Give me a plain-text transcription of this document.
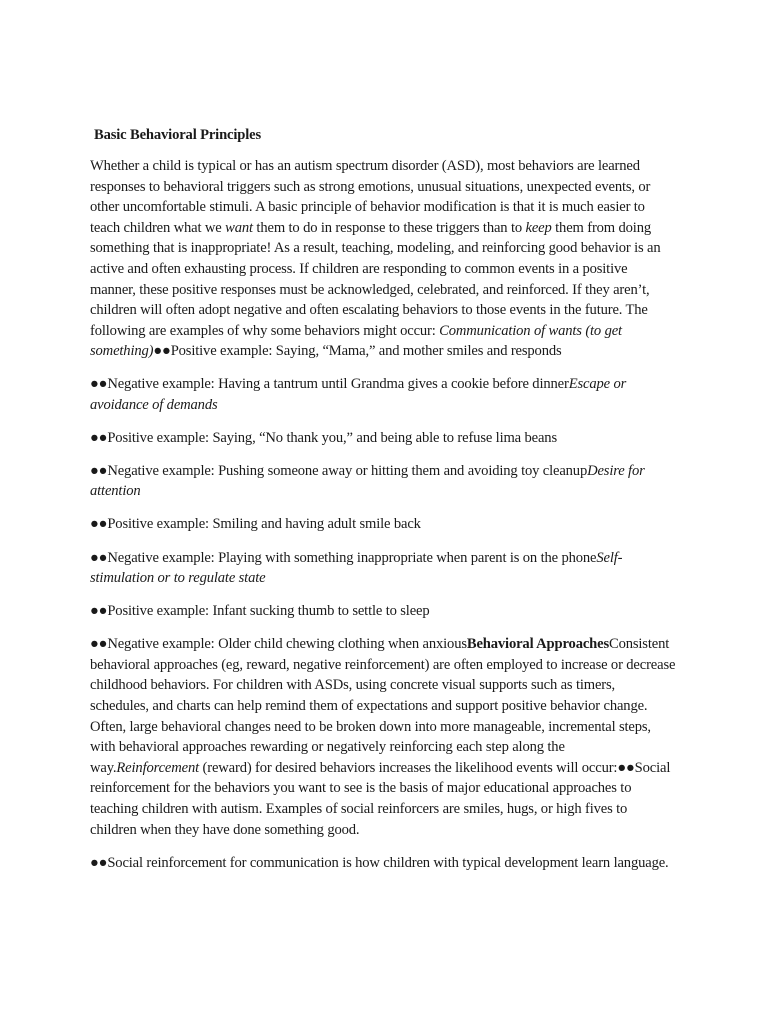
Basic Behavioral Principles

Whether a child is typical or has an autism spectrum disorder (ASD), most behaviors are learned responses to behavioral triggers such as strong emotions, unusual situations, unexpected events, or other uncomfortable stimuli. A basic principle of behavior modification is that it is much easier to teach children what we want them to do in response to these triggers than to keep them from doing something that is inappropriate! As a result, teaching, modeling, and reinforcing good behavior is an active and often exhausting process. If children are responding to common events in a positive manner, these positive responses must be acknowledged, celebrated, and reinforced. If they aren’t, children will often adopt negative and often escalating behaviors to those events in the future. The following are examples of why some behaviors might occur: Communication of wants (to get something)●●Positive example: Saying, “Mama,” and mother smiles and responds

●●Negative example: Having a tantrum until Grandma gives a cookie before dinnerEscape or avoidance of demands

●●Positive example: Saying, “No thank you,” and being able to refuse lima beans

●●Negative example: Pushing someone away or hitting them and avoiding toy cleanupDesire for attention

●●Positive example: Smiling and having adult smile back

●●Negative example: Playing with something inappropriate when parent is on the phoneSelf-stimulation or to regulate state

●●Positive example: Infant sucking thumb to settle to sleep

●●Negative example: Older child chewing clothing when anxiousBehavioral ApproachesConsistent behavioral approaches (eg, reward, negative reinforcement) are often employed to increase or decrease childhood behaviors. For children with ASDs, using concrete visual supports such as timers, schedules, and charts can help remind them of expectations and support positive behavior change. Often, large behavioral changes need to be broken down into more manageable, incremental steps, with behavioral approaches rewarding or negatively reinforcing each step along the way.Reinforcement (reward) for desired behaviors increases the likelihood events will occur:●●Social reinforcement for the behaviors you want to see is the basis of major educational approaches to teaching children with autism. Examples of social reinforcers are smiles, hugs, or high fives to children when they have done something good.

●●Social reinforcement for communication is how children with typical development learn language.
